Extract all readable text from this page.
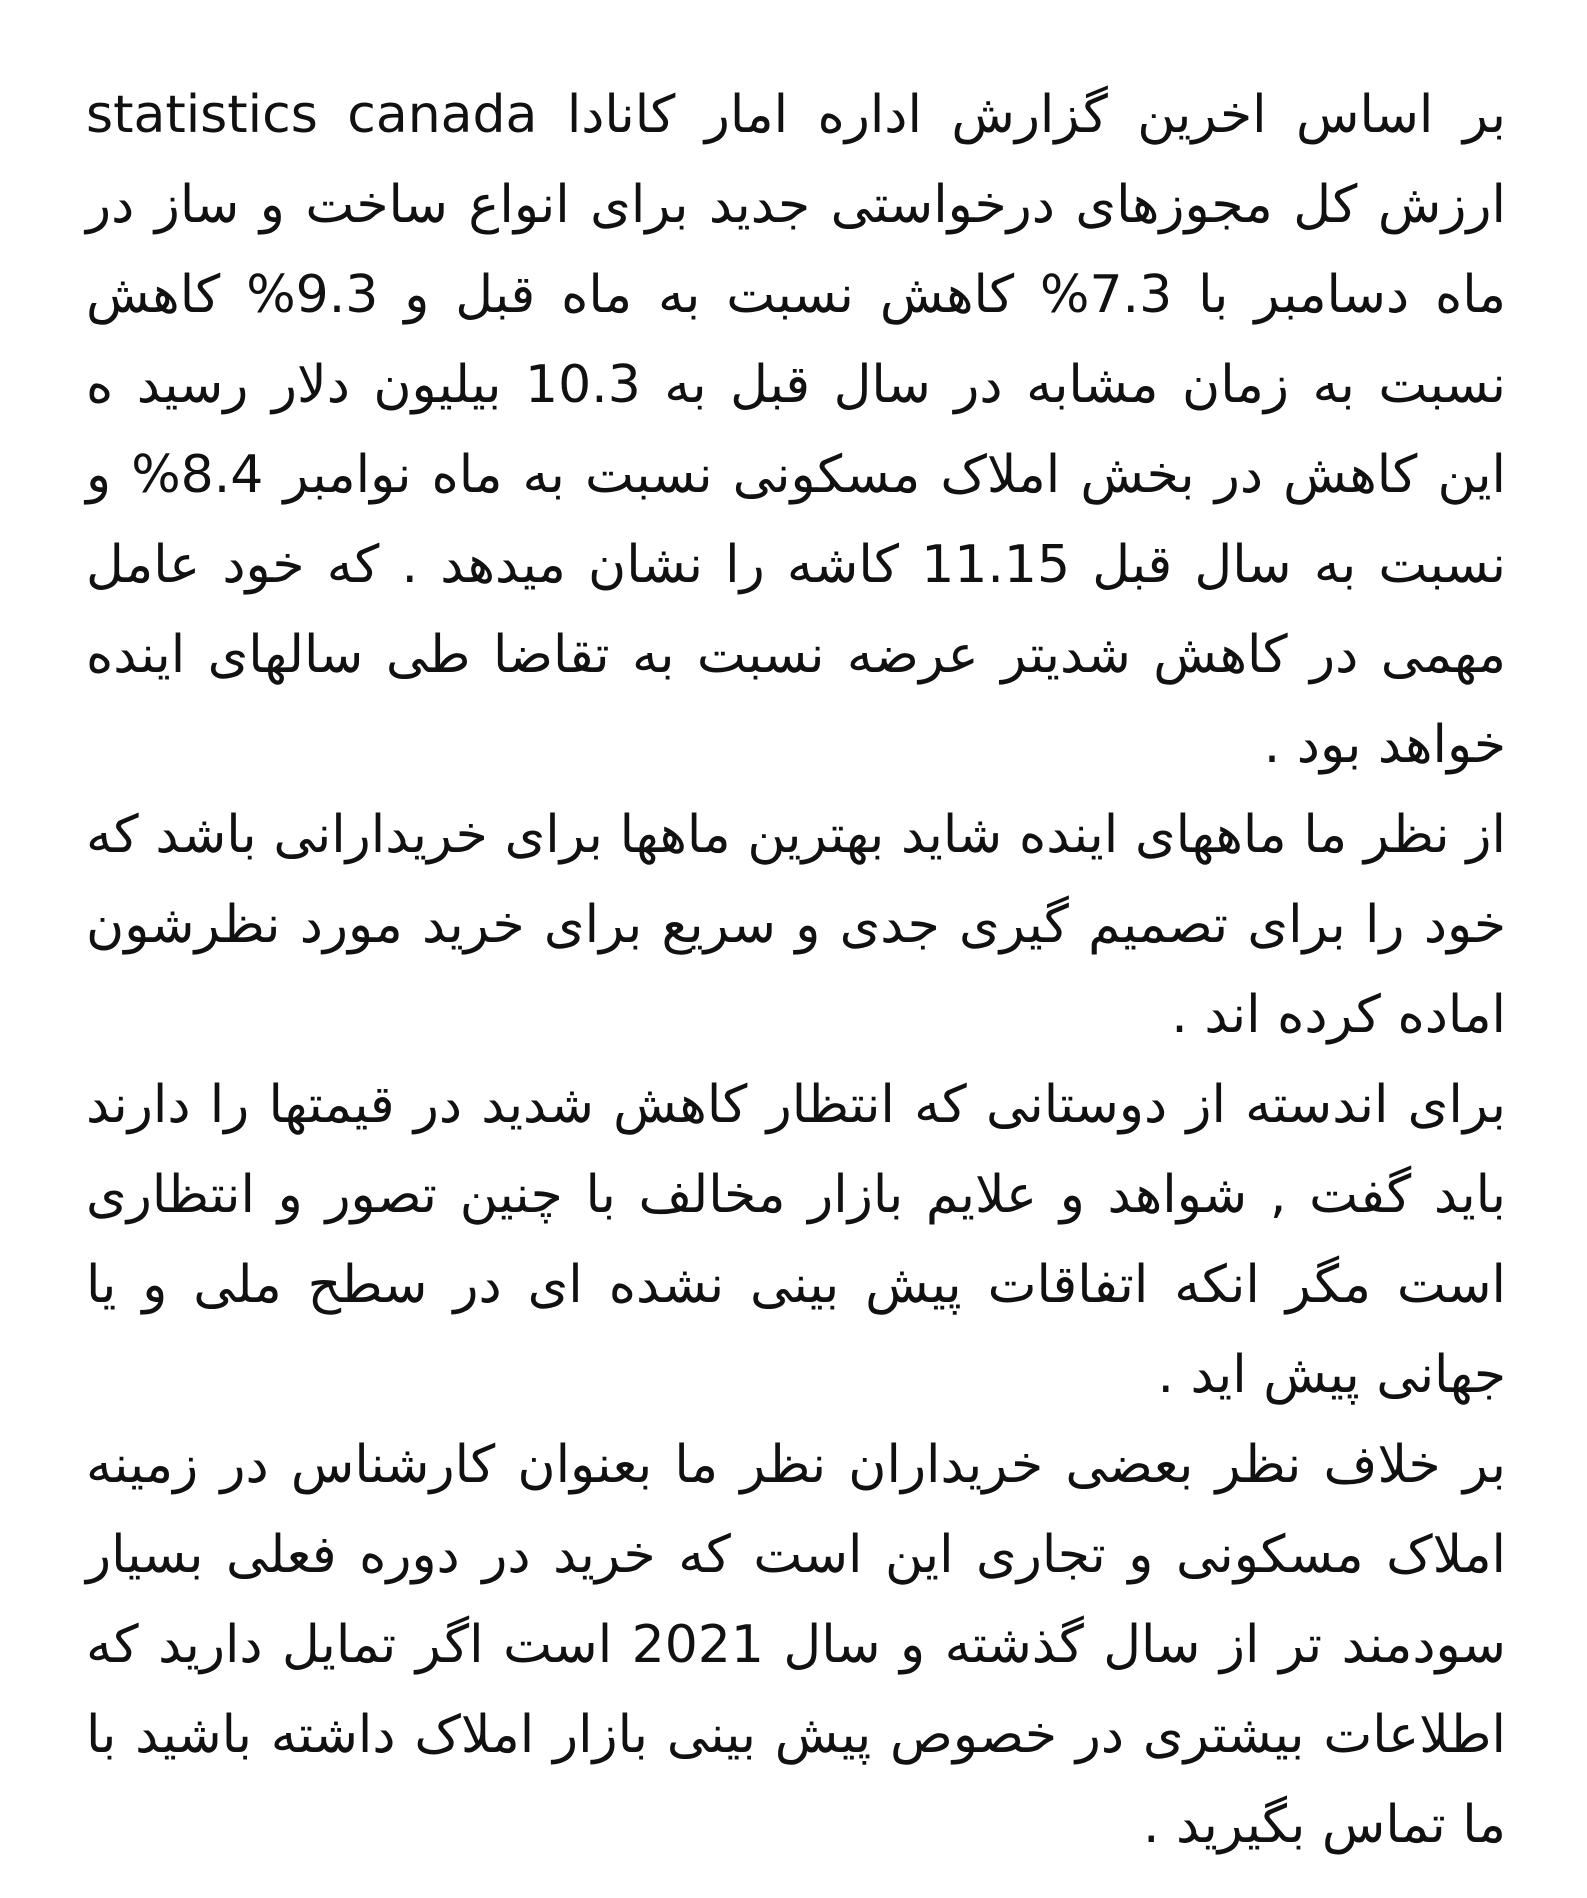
بر اساس اخرین گزارش اداره امار کانادا statistics canada ارزش کل مجوزهای درخواستی جدید برای انواع ساخت و ساز در ماه دسامبر با 7.3% کاهش نسبت به ماه قبل و 9.3% کاهش نسبت به زمان مشابه در سال قبل به 10.3 بیلیون دلار رسید ه این کاهش در بخش املاک مسکونی نسبت به ماه نوامبر 8.4% و نسبت به سال قبل 11.15 کاشه را نشان میدهد . که خود عامل مهمی در کاهش شدیتر عرضه نسبت به تقاضا طی سالهای اینده خواهد بود .

از نظر ما ماههای اینده شاید بهترین ماهها برای خریدارانی باشد که خود را برای تصمیم گیری جدی و سریع برای خرید مورد نظرشون اماده کرده اند .

برای اندسته از دوستانی که انتظار کاهش شدید در قیمتها را دارند باید گفت , شواهد و علایم بازار مخالف با چنین تصور و انتظاری است مگر انکه اتفاقات پیش بینی نشده ای در سطح ملی و یا جهانی پیش اید .

بر خلاف نظر بعضی خریداران نظر ما بعنوان کارشناس در زمینه املاک مسکونی و تجاری این است که خرید در دوره فعلی بسیار سودمند تر از سال گذشته و سال 2021 است اگر تمایل دارید که اطلاعات بیشتری در خصوص پیش بینی بازار املاک داشته باشید با ما تماس بگیرید .
